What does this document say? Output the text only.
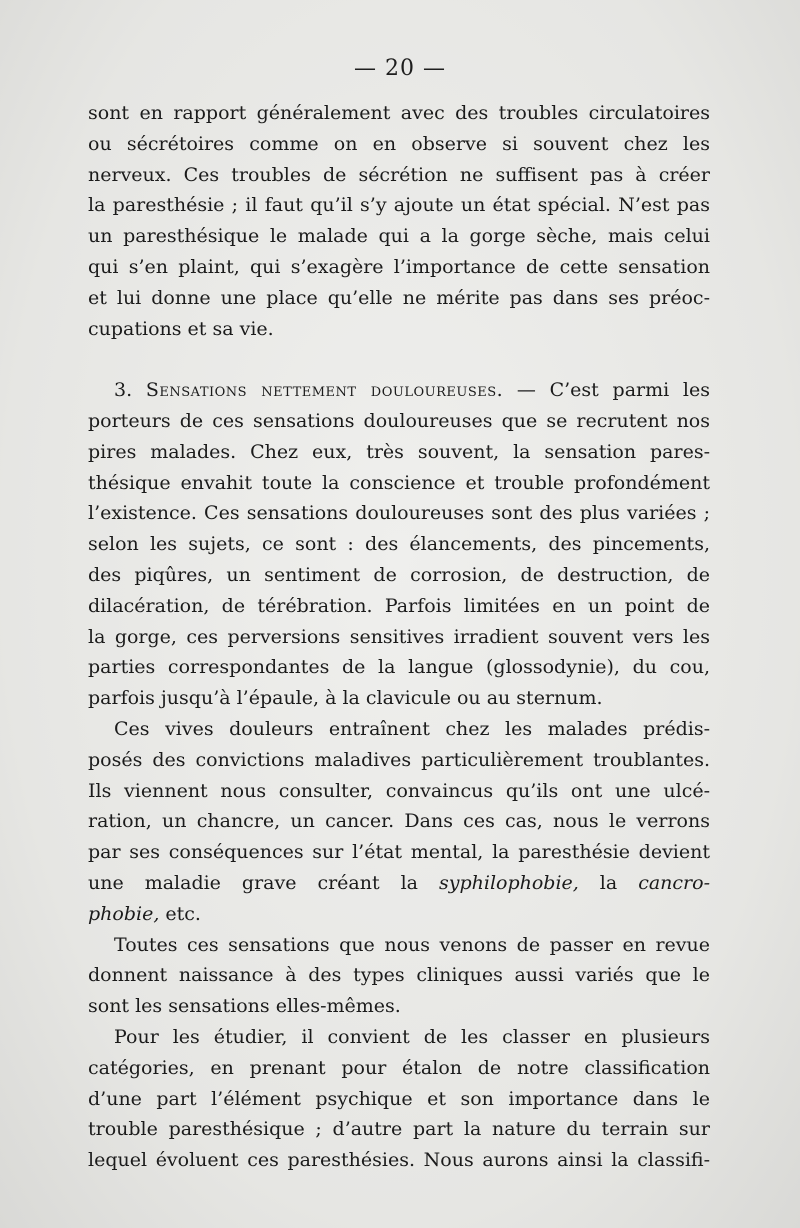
— 20 —
sont en rapport généralement avec des troubles circulatoires
ou sécrétoires comme on en observe si souvent chez les
nerveux. Ces troubles de sécrétion ne suffisent pas à créer
la paresthésie ; il faut qu’il s’y ajoute un état spécial. N’est pas
un paresthésique le malade qui a la gorge sèche, mais celui
qui s’en plaint, qui s’exagère l’importance de cette sensation
et lui donne une place qu’elle ne mérite pas dans ses préoc-
cupations et sa vie.
3. Sensations nettement douloureuses. — C’est parmi les
porteurs de ces sensations douloureuses que se recrutent nos
pires malades. Chez eux, très souvent, la sensation pares-
thésique envahit toute la conscience et trouble profondément
l’existence. Ces sensations douloureuses sont des plus variées ;
selon les sujets, ce sont : des élancements, des pincements,
des piqûres, un sentiment de corrosion, de destruction, de
dilacération, de térébration. Parfois limitées en un point de
la gorge, ces perversions sensitives irradient souvent vers les
parties correspondantes de la langue (glossodynie), du cou,
parfois jusqu’à l’épaule, à la clavicule ou au sternum.
Ces vives douleurs entraînent chez les malades prédis-
posés des convictions maladives particulièrement troublantes.
Ils viennent nous consulter, convaincus qu’ils ont une ulcé-
ration, un chancre, un cancer. Dans ces cas, nous le verrons
par ses conséquences sur l’état mental, la paresthésie devient
une maladie grave créant la syphilophobie, la cancro-
phobie, etc.
Toutes ces sensations que nous venons de passer en revue
donnent naissance à des types cliniques aussi variés que le
sont les sensations elles-mêmes.
Pour les étudier, il convient de les classer en plusieurs
catégories, en prenant pour étalon de notre classification
d’une part l’élément psychique et son importance dans le
trouble paresthésique ; d’autre part la nature du terrain sur
lequel évoluent ces paresthésies. Nous aurons ainsi la classifi-
